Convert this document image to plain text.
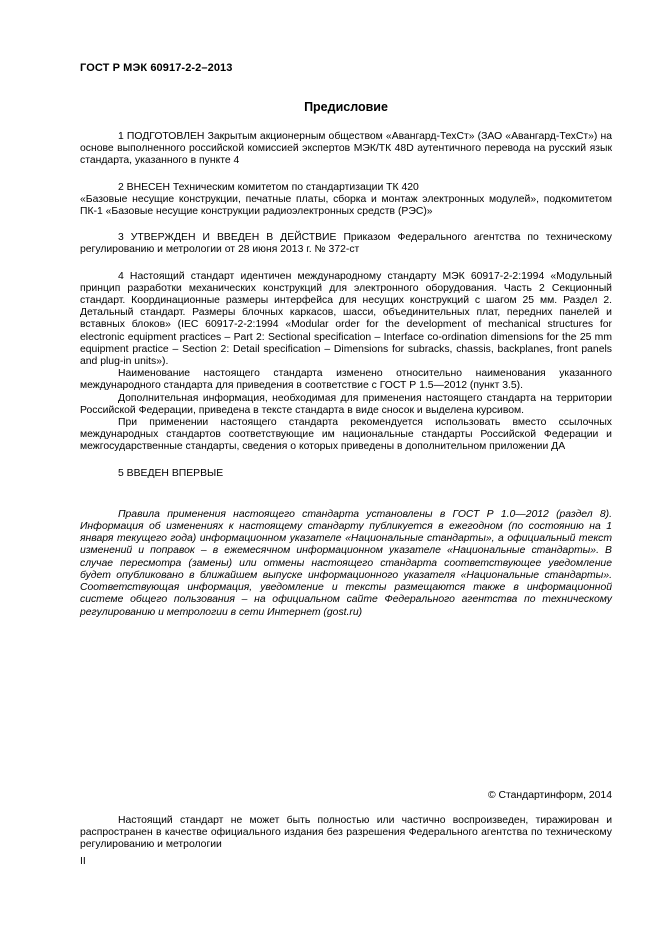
ГОСТ Р МЭК 60917-2-2–2013
Предисловие

1 ПОДГОТОВЛЕН Закрытым акционерным обществом «Авангард-ТехСт» (ЗАО «Авангард-ТехСт») на основе выполненного российской комиссией экспертов МЭК/ТК 48D аутентичного перевода на русский язык стандарта, указанного в пункте 4

2 ВНЕСЕН Техническим комитетом по стандартизации ТК 420

«Базовые несущие конструкции, печатные платы, сборка и монтаж электронных модулей», подкомитетом ПК-1 «Базовые несущие конструкции радиоэлектронных средств (РЭС)»

3 УТВЕРЖДЕН И ВВЕДЕН В ДЕЙСТВИЕ Приказом Федерального агентства по техническому регулированию и метрологии от 28 июня 2013 г. № 372-ст

4 Настоящий стандарт идентичен международному стандарту МЭК 60917-2-2:1994 «Модульный принцип разработки механических конструкций для электронного оборудования. Часть 2 Секционный стандарт. Координационные размеры интерфейса для несущих конструкций с шагом 25 мм. Раздел 2. Детальный стандарт. Размеры блочных каркасов, шасси, объединительных плат, передних панелей и вставных блоков» (IEC 60917-2-2:1994 «Modular order for the development of mechanical structures for electronic equipment practices – Part 2: Sectional specification – Interface co-ordination dimensions for the 25 mm equipment practice – Section 2: Detail specification – Dimensions for subracks, chassis, backplanes, front panels and plug-in units»).

Наименование настоящего стандарта изменено относительно наименования указанного международного стандарта для приведения в соответствие с ГОСТ Р 1.5—2012 (пункт 3.5).

Дополнительная информация, необходимая для применения настоящего стандарта на территории Российской Федерации, приведена в тексте стандарта в виде сносок и выделена курсивом.

При применении настоящего стандарта рекомендуется использовать вместо ссылочных международных стандартов соответствующие им национальные стандарты Российской Федерации и межгосударственные стандарты, сведения о которых приведены в дополнительном приложении ДА

5 ВВЕДЕН ВПЕРВЫЕ

Правила применения настоящего стандарта установлены в ГОСТ Р 1.0—2012 (раздел 8). Информация об изменениях к настоящему стандарту публикуется в ежегодном (по состоянию на 1 января текущего года) информационном указателе «Национальные стандарты», а официальный текст изменений и поправок – в ежемесячном информационном указателе «Национальные стандарты». В случае пересмотра (замены) или отмены настоящего стандарта соответствующее уведомление будет опубликовано в ближайшем выпуске информационного указателя «Национальные стандарты». Соответствующая информация, уведомление и тексты размещаются также в информационной системе общего пользования – на официальном сайте Федерального агентства по техническому регулированию и метрологии в сети Интернет (gost.ru)

© Стандартинформ, 2014

Настоящий стандарт не может быть полностью или частично воспроизведен, тиражирован и распространен в качестве официального издания без разрешения Федерального агентства по техническому регулированию и метрологии

II
